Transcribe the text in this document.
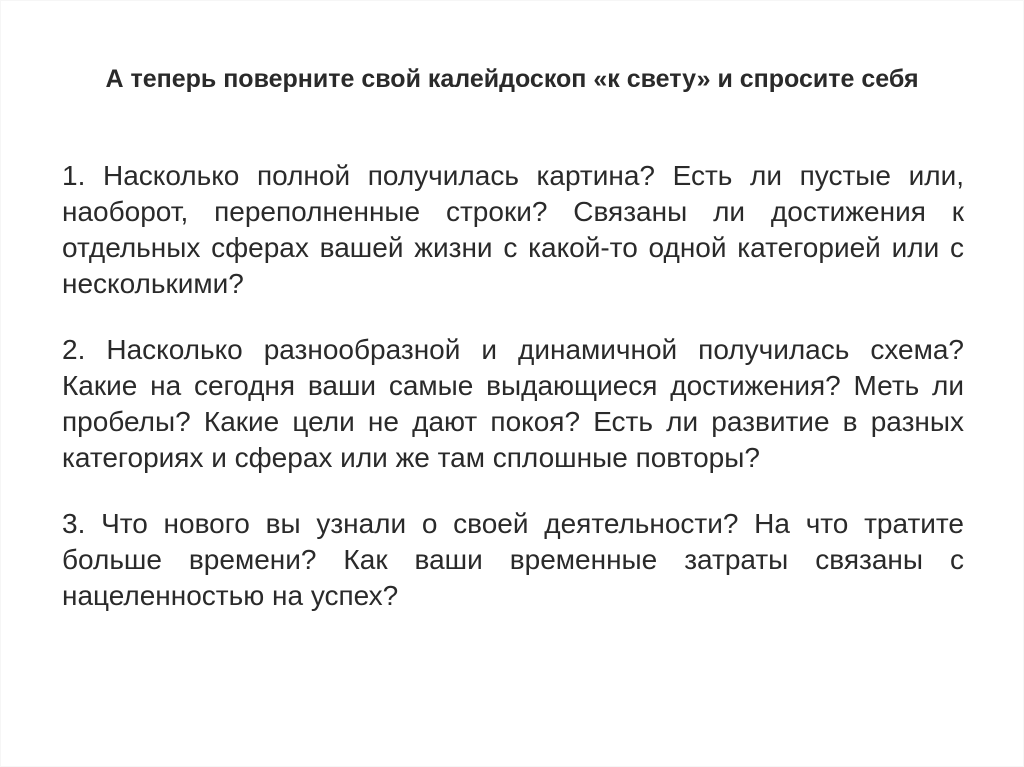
А теперь поверните свой калейдоскоп «к свету» и спросите себя

1. Насколько полной получилась картина? Есть ли пустые или, наоборот, переполненные строки? Связаны ли достижения к отдельных сферах вашей жизни с какой-то одной категорией или с несколькими?

2. Насколько разнообразной и динамичной получилась схема? Какие на сегодня ваши самые выдающиеся достижения? Меть ли пробелы? Какие цели не дают покоя? Есть ли развитие в разных категориях и сферах или же там сплошные повторы?

3. Что нового вы узнали о своей деятельности? На что тратите больше времени? Как ваши временные затраты связаны с нацеленностью на успех?
